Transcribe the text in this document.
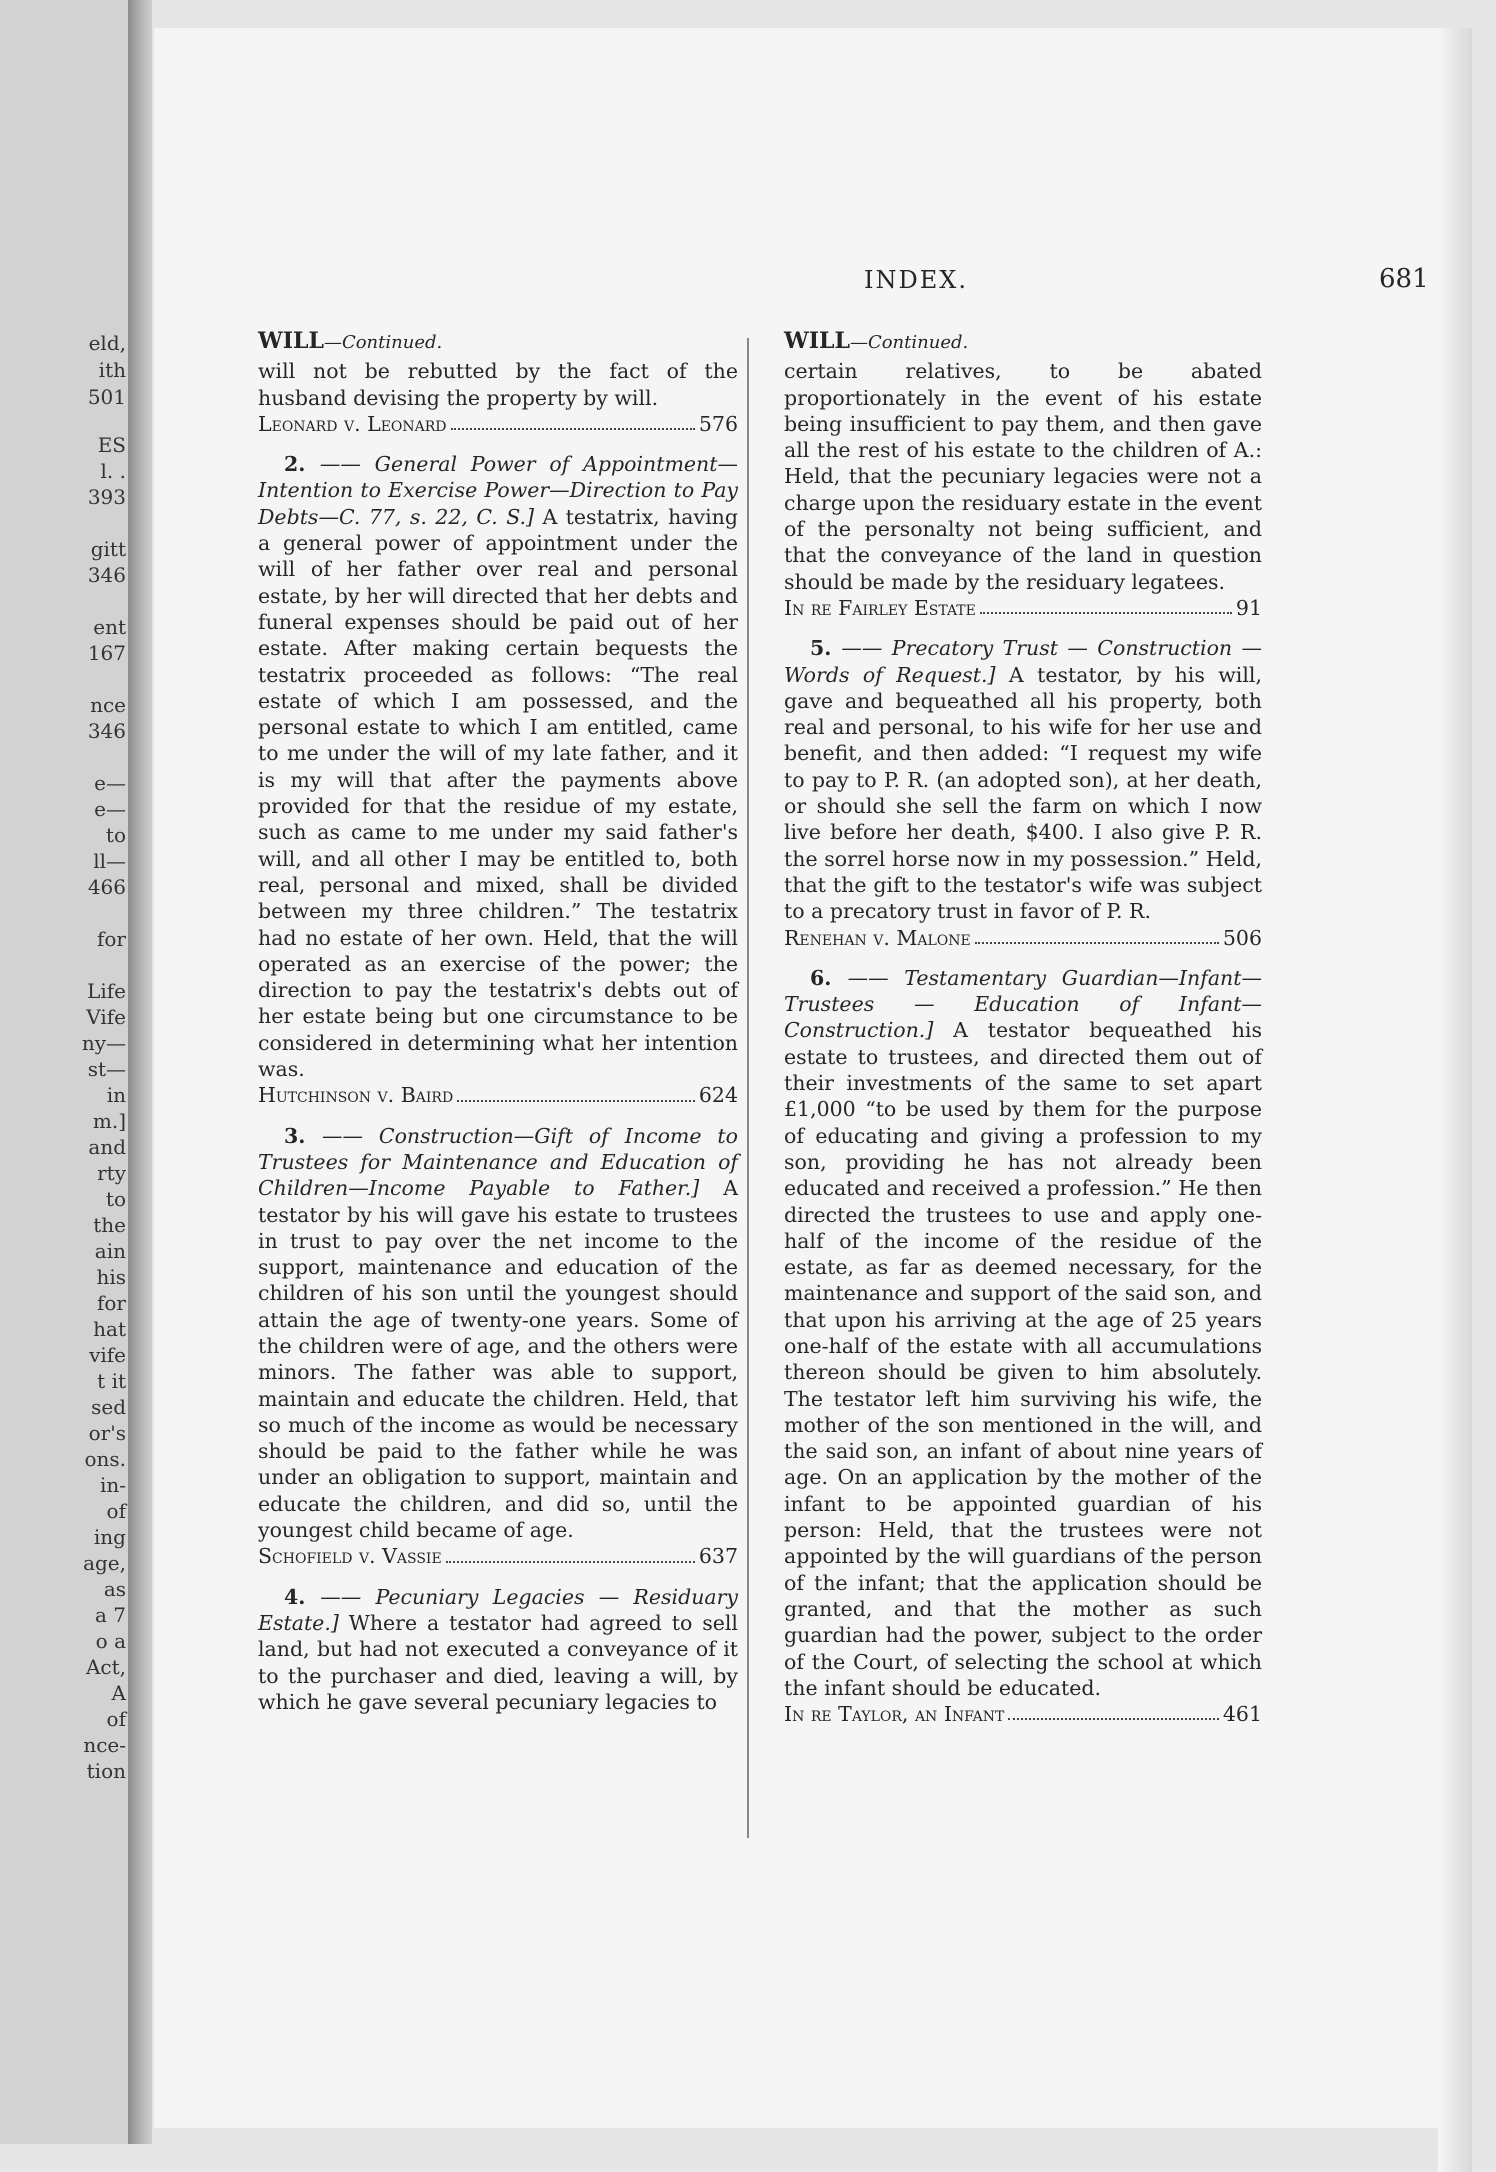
eld,
ith
501
ES
l. .
393
gitt
346
ent
167
nce
346
e—
e—
to
ll—
466
for
Life
Vife
ny—
st—
in
m.]
and
rty
to
the
ain
his
for
hat
vife
t it
sed
or's
ons.
in-
of
ing
age,
as
a 7
o a
Act,
A
of
nce-
tion
INDEX.	681
WILL—Continued.

will not be rebutted by the fact of the husband devising the property by will.

Leonard v. Leonard	576

2. —— General Power of Appointment—Intention to Exercise Power—Direction to Pay Debts—C. 77, s. 22, C. S.] A testatrix, having a general power of appointment under the will of her father over real and personal estate, by her will directed that her debts and funeral expenses should be paid out of her estate. After making certain bequests the testatrix proceeded as follows: “The real estate of which I am possessed, and the personal estate to which I am entitled, came to me under the will of my late father, and it is my will that after the payments above provided for that the residue of my estate, such as came to me under my said father's will, and all other I may be entitled to, both real, personal and mixed, shall be divided between my three children.” The testatrix had no estate of her own. Held, that the will operated as an exercise of the power; the direction to pay the testatrix's debts out of her estate being but one circumstance to be considered in determining what her intention was.

Hutchinson v. Baird	624

3. —— Construction—Gift of Income to Trustees for Maintenance and Education of Children—Income Payable to Father.] A testator by his will gave his estate to trustees in trust to pay over the net income to the support, maintenance and education of the children of his son until the youngest should attain the age of twenty-one years. Some of the children were of age, and the others were minors. The father was able to support, maintain and educate the children. Held, that so much of the income as would be necessary should be paid to the father while he was under an obligation to support, maintain and educate the children, and did so, until the youngest child became of age.

Schofield v. Vassie	637

4. —— Pecuniary Legacies — Residuary Estate.] Where a testator had agreed to sell land, but had not executed a conveyance of it to the purchaser and died, leaving a will, by which he gave several pecuniary legacies to

WILL—Continued.

certain relatives, to be abated proportionately in the event of his estate being insufficient to pay them, and then gave all the rest of his estate to the children of A.: Held, that the pecuniary legacies were not a charge upon the residuary estate in the event of the personalty not being sufficient, and that the conveyance of the land in question should be made by the residuary legatees.

In re Fairley Estate	91

5. —— Precatory Trust — Construction —Words of Request.] A testator, by his will, gave and bequeathed all his property, both real and personal, to his wife for her use and benefit, and then added: “I request my wife to pay to P. R. (an adopted son), at her death, or should she sell the farm on which I now live before her death, $400. I also give P. R. the sorrel horse now in my possession.” Held, that the gift to the testator's wife was subject to a precatory trust in favor of P. R.

Renehan v. Malone	506

6. —— Testamentary Guardian—Infant—Trustees — Education of Infant—Construction.] A testator bequeathed his estate to trustees, and directed them out of their investments of the same to set apart £1,000 “to be used by them for the purpose of educating and giving a profession to my son, providing he has not already been educated and received a profession.” He then directed the trustees to use and apply one-half of the income of the residue of the estate, as far as deemed necessary, for the maintenance and support of the said son, and that upon his arriving at the age of 25 years one-half of the estate with all accumulations thereon should be given to him absolutely. The testator left him surviving his wife, the mother of the son mentioned in the will, and the said son, an infant of about nine years of age. On an application by the mother of the infant to be appointed guardian of his person: Held, that the trustees were not appointed by the will guardians of the person of the infant; that the application should be granted, and that the mother as such guardian had the power, subject to the order of the Court, of selecting the school at which the infant should be educated.

In re Taylor, an Infant	461
